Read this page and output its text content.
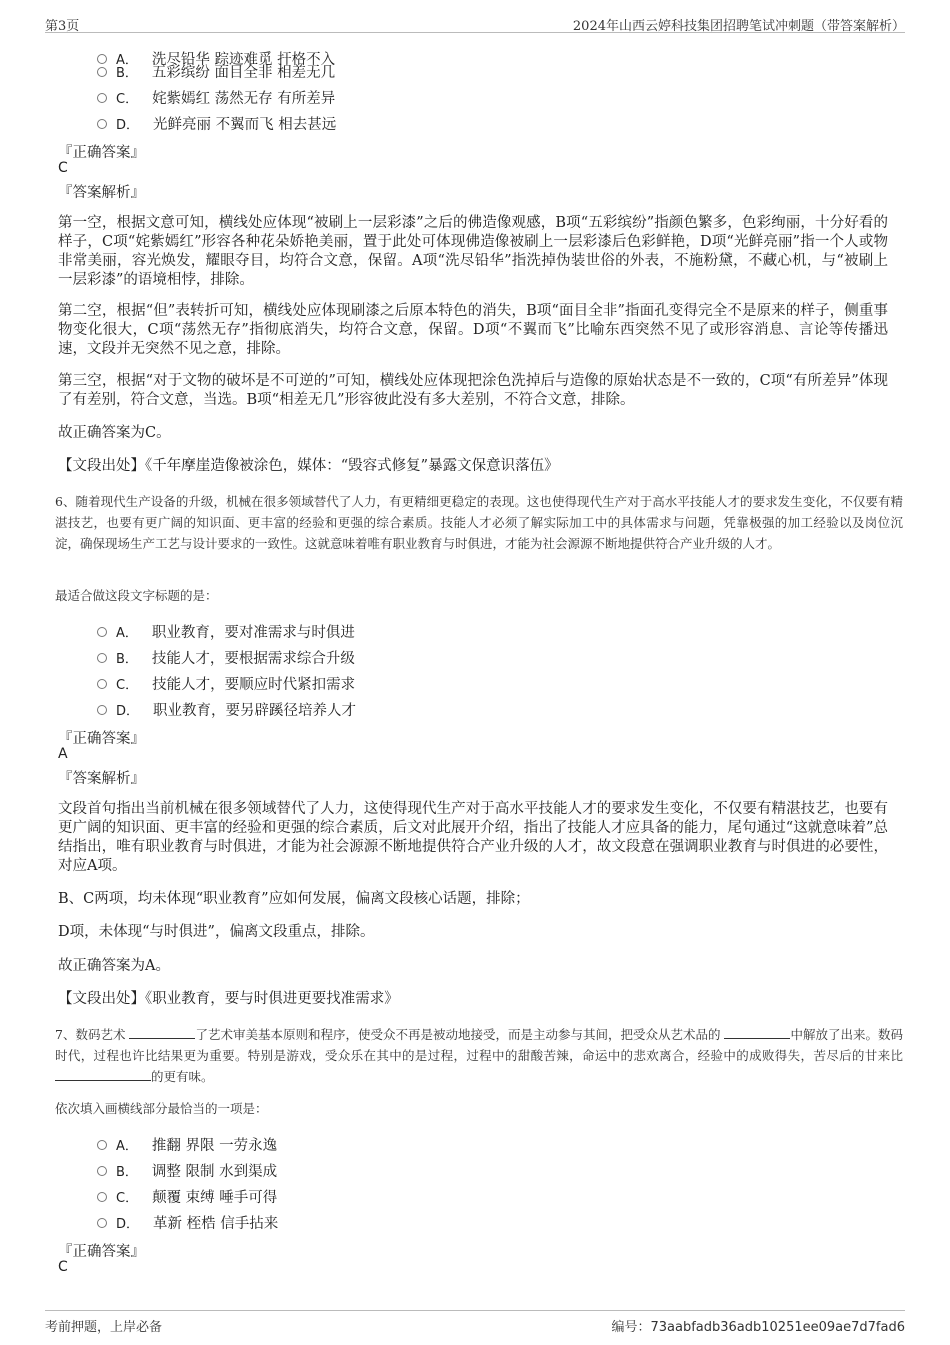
第3页	2024年山西云婷科技集团招聘笔试冲刺题（带答案解析）
A． 洗尽铅华 踪迹难觅 扞格不入
B． 五彩缤纷 面目全非 相差无几
C． 姹紫嫣红 荡然无存 有所差异
D． 光鲜亮丽 不翼而飞 相去甚远
『正确答案』
C
『答案解析』
第一空，根据文意可知，横线处应体现“被刷上一层彩漆”之后的佛造像观感，B项“五彩缤纷”指颜色繁多，色彩绚丽，十分好看的样子，C项“姹紫嫣红”形容各种花朵娇艳美丽，置于此处可体现佛造像被刷上一层彩漆后色彩鲜艳，D项“光鲜亮丽”指一个人或物非常美丽，容光焕发，耀眼夺目，均符合文意，保留。A项“洗尽铅华”指洗掉伪装世俗的外表，不施粉黛，不藏心机，与“被刷上一层彩漆”的语境相悖，排除。
第二空，根据“但”表转折可知，横线处应体现刷漆之后原本特色的消失，B项“面目全非”指面孔变得完全不是原来的样子，侧重事物变化很大，C项“荡然无存”指彻底消失，均符合文意，保留。D项“不翼而飞”比喻东西突然不见了或形容消息、言论等传播迅速，文段并无突然不见之意，排除。
第三空，根据“对于文物的破坏是不可逆的”可知，横线处应体现把涂色洗掉后与造像的原始状态是不一致的，C项“有所差异”体现了有差别，符合文意，当选。B项“相差无几”形容彼此没有多大差别，不符合文意，排除。
故正确答案为C。
【文段出处】《千年摩崖造像被涂色，媒体：“毁容式修复”暴露文保意识落伍》
6、随着现代生产设备的升级，机械在很多领域替代了人力，有更精细更稳定的表现。这也使得现代生产对于高水平技能人才的要求发生变化，不仅要有精湛技艺，也要有更广阔的知识面、更丰富的经验和更强的综合素质。技能人才必须了解实际加工中的具体需求与问题，凭靠极强的加工经验以及岗位沉淀，确保现场生产工艺与设计要求的一致性。这就意味着唯有职业教育与时俱进，才能为社会源源不断地提供符合产业升级的人才。
最适合做这段文字标题的是：
A． 职业教育，要对准需求与时俱进
B． 技能人才，要根据需求综合升级
C． 技能人才，要顺应时代紧扣需求
D． 职业教育，要另辟蹊径培养人才
『正确答案』
A
『答案解析』
文段首句指出当前机械在很多领域替代了人力，这使得现代生产对于高水平技能人才的要求发生变化，不仅要有精湛技艺，也要有更广阔的知识面、更丰富的经验和更强的综合素质，后文对此展开介绍，指出了技能人才应具备的能力，尾句通过“这就意味着”总结指出，唯有职业教育与时俱进，才能为社会源源不断地提供符合产业升级的人才，故文段意在强调职业教育与时俱进的必要性，对应A项。
B、C两项，均未体现“职业教育”应如何发展，偏离文段核心话题，排除；
D项，未体现“与时俱进”，偏离文段重点，排除。
故正确答案为A。
【文段出处】《职业教育，要与时俱进更要找准需求》
7、数码艺术	了艺术审美基本原则和程序，使受众不再是被动地接受，而是主动参与其间，把受众从艺术品的	中解放了出来。数码时代，过程也许比结果更为重要。特别是游戏，受众乐在其中的是过程，过程中的甜酸苦辣，命运中的悲欢离合，经验中的成败得失，苦尽后的甘来比 的更有味。
依次填入画横线部分最恰当的一项是：
A． 推翻 界限 一劳永逸
B． 调整 限制 水到渠成
C． 颠覆 束缚 唾手可得
D． 革新 桎梏 信手拈来
『正确答案』
C
考前押题，上岸必备	编号：73aabfadb36adb10251ee09ae7d7fad6
